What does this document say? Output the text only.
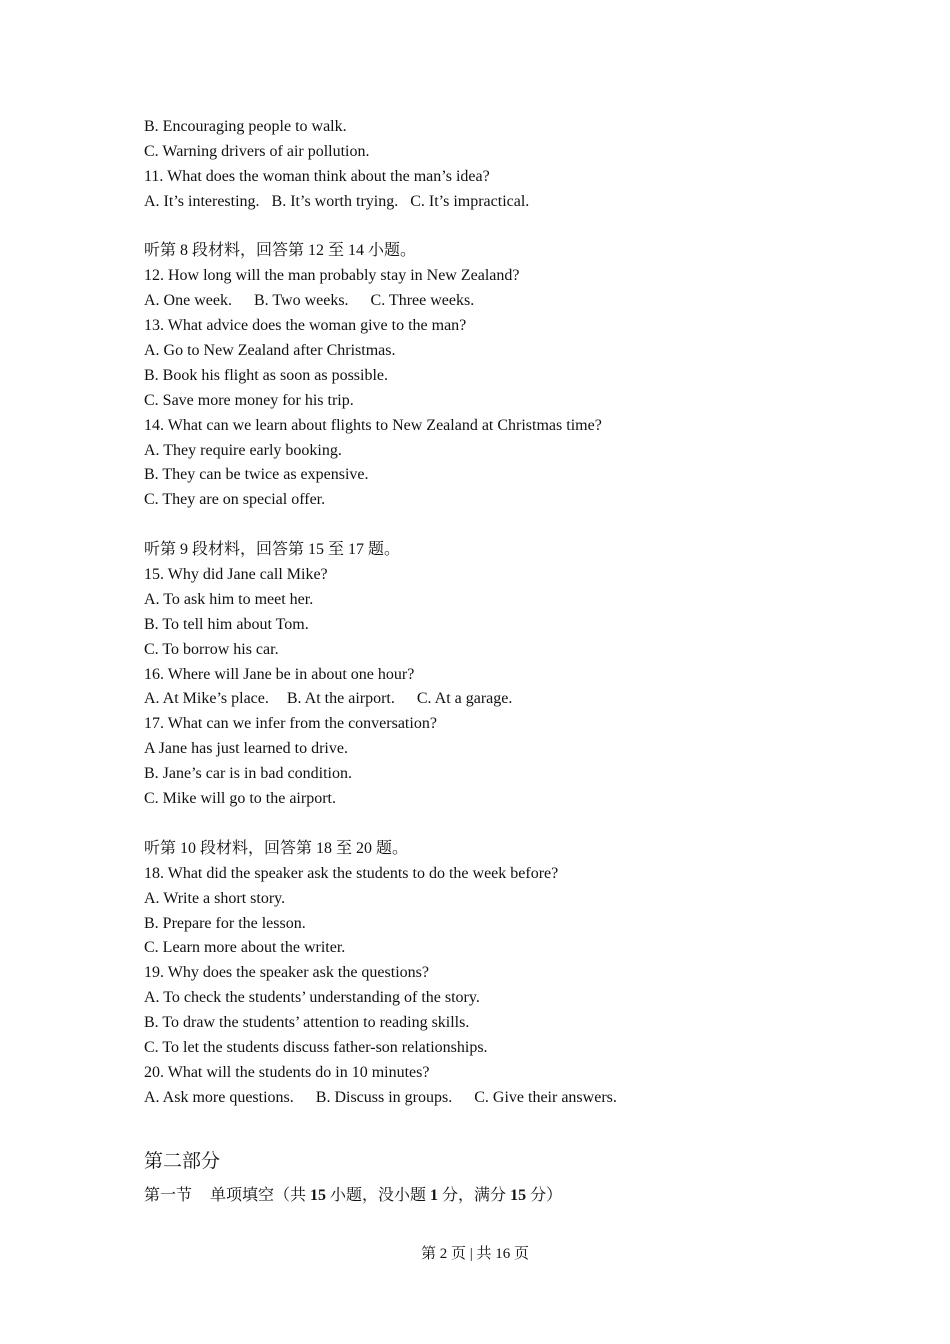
B. Encouraging people to walk.
C. Warning drivers of air pollution.
11. What does the woman think about the man’s idea?
A. It’s interesting. B. It’s worth trying. C. It’s impractical.
听第 8 段材料，回答第 12 至 14 小题。
12. How long will the man probably stay in New Zealand?
A. One week. B. Two weeks. C. Three weeks.
13. What advice does the woman give to the man?
A. Go to New Zealand after Christmas.
B. Book his flight as soon as possible.
C. Save more money for his trip.
14. What can we learn about flights to New Zealand at Christmas time?
A. They require early booking.
B. They can be twice as expensive.
C. They are on special offer.
听第 9 段材料，回答第 15 至 17 题。
15. Why did Jane call Mike?
A. To ask him to meet her.
B. To tell him about Tom.
C. To borrow his car.
16. Where will Jane be in about one hour?
A. At Mike’s place. B. At the airport. C. At a garage.
17. What can we infer from the conversation?
A Jane has just learned to drive.
B. Jane’s car is in bad condition.
C. Mike will go to the airport.
听第 10 段材料，回答第 18 至 20 题。
18. What did the speaker ask the students to do the week before?
A. Write a short story.
B. Prepare for the lesson.
C. Learn more about the writer.
19. Why does the speaker ask the questions?
A. To check the students’ understanding of the story.
B. To draw the students’ attention to reading skills.
C. To let the students discuss father-son relationships.
20. What will the students do in 10 minutes?
A. Ask more questions. B. Discuss in groups. C. Give their answers.
第二部分
第一节 单项填空（共 15 小题，没小题 1 分，满分 15 分）
第 2 页 | 共 16 页
